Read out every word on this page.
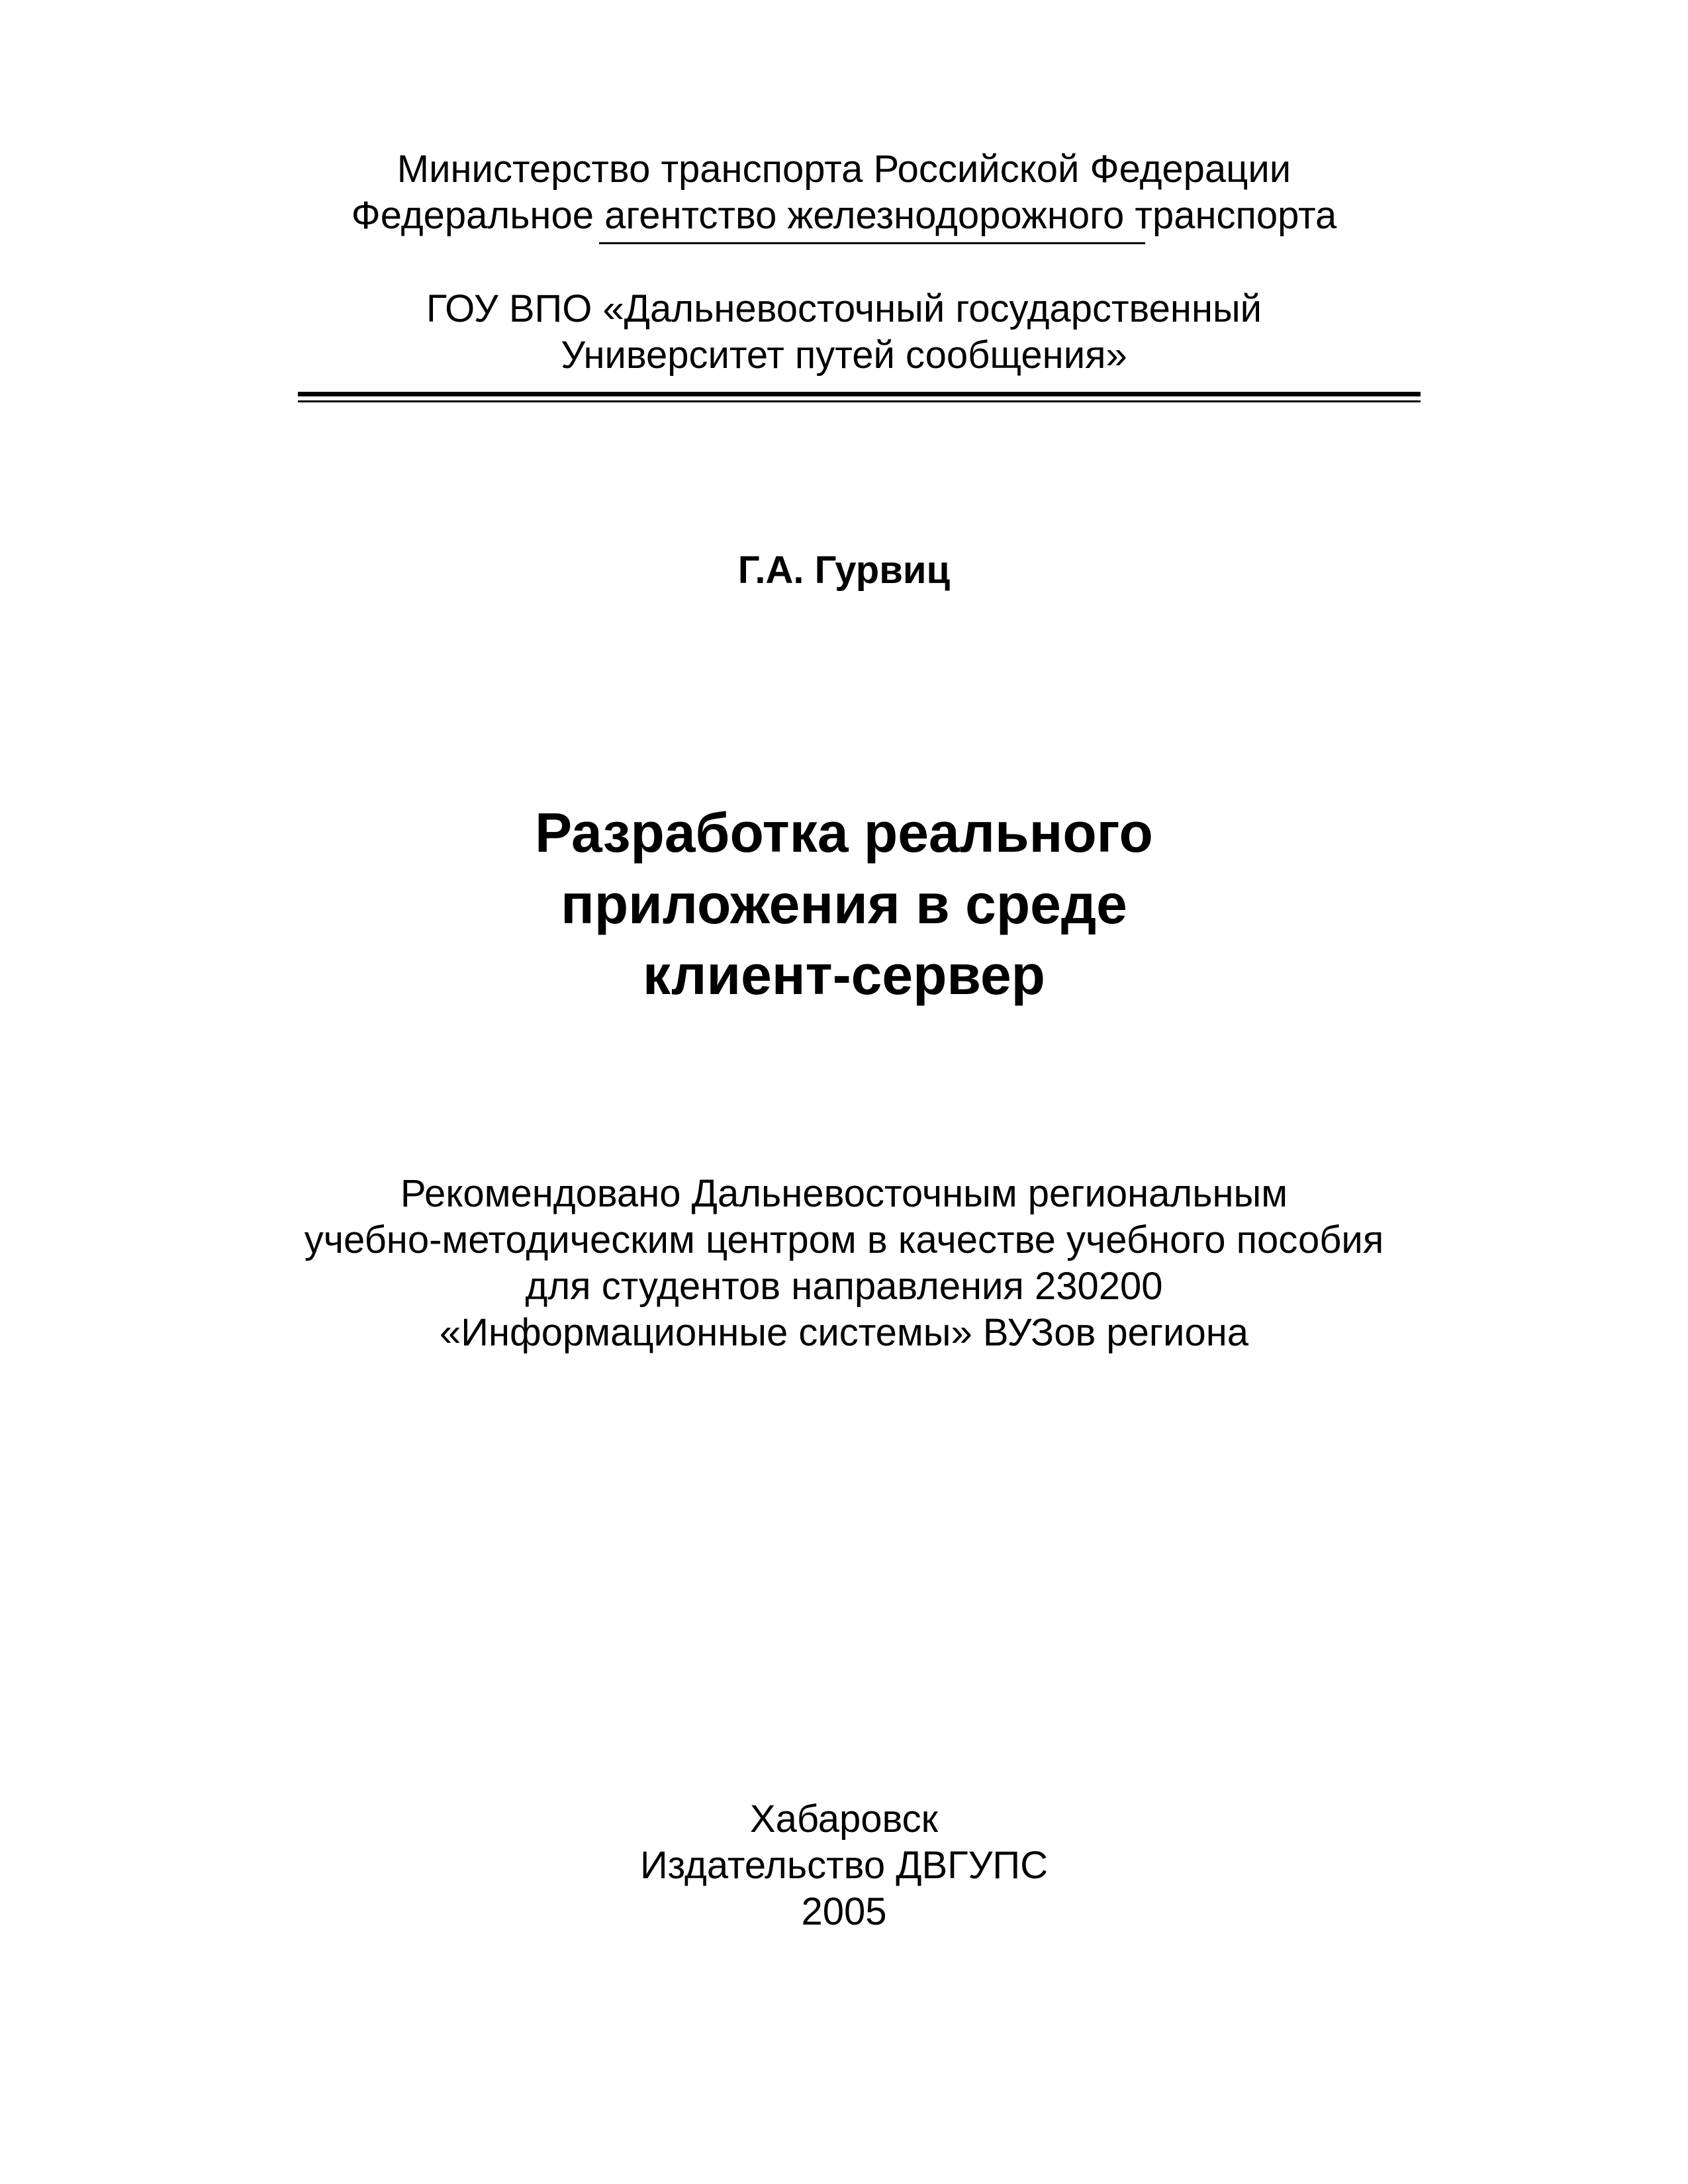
Министерство транспорта Российской Федерации
Федеральное агентство железнодорожного транспорта
ГОУ ВПО «Дальневосточный государственный
Университет путей сообщения»
Г.А. Гурвиц
Разработка реального
приложения в среде
клиент-сервер
Рекомендовано Дальневосточным региональным
учебно-методическим центром в качестве учебного пособия
для студентов направления 230200
«Информационные системы» ВУЗов региона
Хабаровск
Издательство ДВГУПС
2005
